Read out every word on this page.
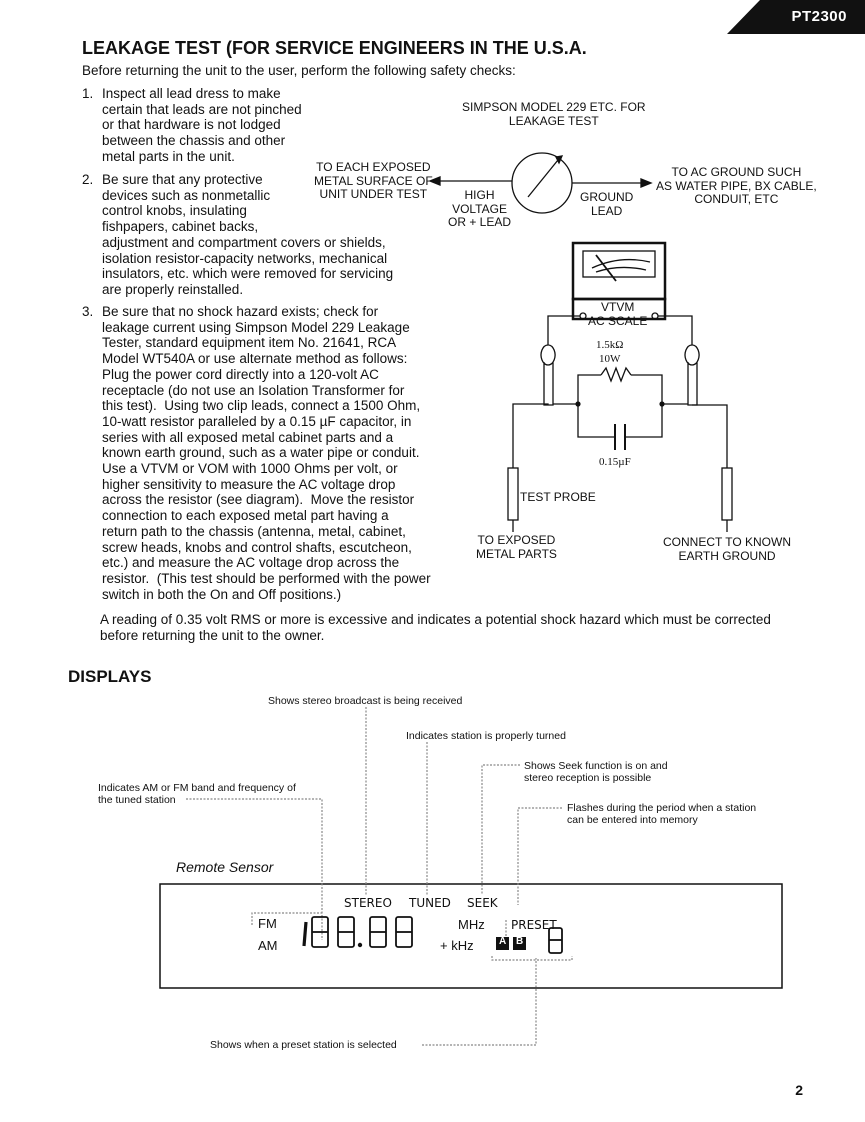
PT2300
LEAKAGE TEST (FOR SERVICE ENGINEERS IN THE U.S.A.
Before returning the unit to the user, perform the following safety checks:
1. Inspect all lead dress to make
certain that leads are not pinched
or that hardware is not lodged
between the chassis and other
metal parts in the unit.
2. Be sure that any protective
devices such as nonmetallic
control knobs, insulating
fishpapers, cabinet backs,
adjustment and compartment covers or shields,
isolation resistor-capacity networks, mechanical
insulators, etc. which were removed for servicing
are properly reinstalled.
3. Be sure that no shock hazard exists; check for
leakage current using Simpson Model 229 Leakage
Tester, standard equipment item No. 21641, RCA
Model WT540A or use alternate method as follows:
Plug the power cord directly into a 120-volt AC
receptacle (do not use an Isolation Transformer for
this test).  Using two clip leads, connect a 1500 Ohm,
10-watt resistor paralleled by a 0.15 µF capacitor, in
series with all exposed metal cabinet parts and a
known earth ground, such as a water pipe or conduit.
Use a VTVM or VOM with 1000 Ohms per volt, or
higher sensitivity to measure the AC voltage drop
across the resistor (see diagram).  Move the resistor
connection to each exposed metal part having a
return path to the chassis (antenna, metal, cabinet,
screw heads, knobs and control shafts, escutcheon,
etc.) and measure the AC voltage drop across the
resistor.  (This test should be performed with the power
switch in both the On and Off positions.)
SIMPSON MODEL 229 ETC. FOR
LEAKAGE TEST
TO EACH EXPOSED
METAL SURFACE OF
UNIT UNDER TEST	HIGH
VOLTAGE
OR + LEAD
GROUND
LEAD
TO AC GROUND SUCH
AS WATER PIPE, BX CABLE,
CONDUIT, ETC
VTVM
AC SCALE
1.5kΩ
10W
0.15µF
TEST PROBE
TO EXPOSED
METAL PARTS
CONNECT TO KNOWN
EARTH GROUND
A reading of 0.35 volt RMS or more is excessive and indicates a potential shock hazard which must be corrected
before returning the unit to the owner.
DISPLAYS
Shows stereo broadcast is being received
Indicates station is properly turned
Shows Seek function is on and
stereo reception is possible
Indicates AM or FM band and frequency of
the tuned station
Flashes during the period when a station
can be entered into memory
Shows when a preset station is selected
Remote Sensor
STEREO TUNED SEEK
PRESET
FM
AM
MHz
+ kHz	A B
2
